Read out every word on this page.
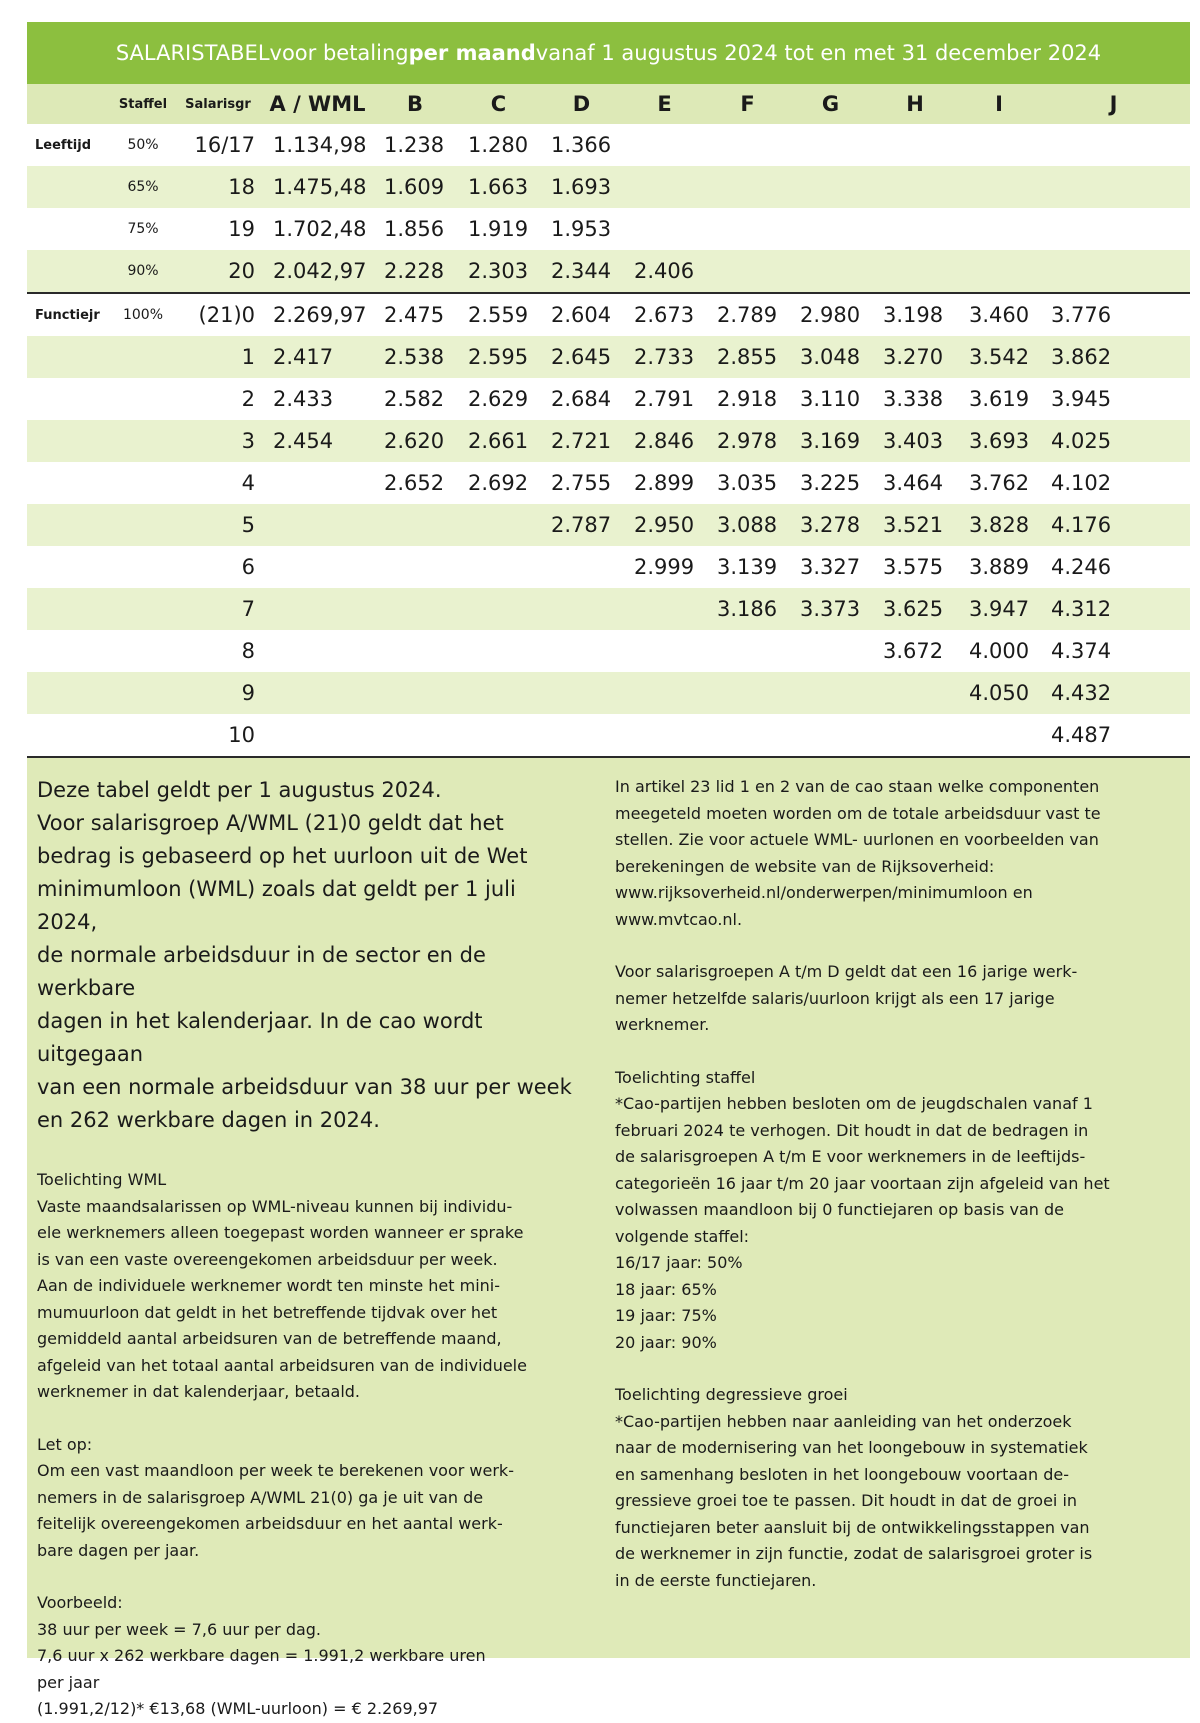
SALARISTABEL voor betaling per maand vanaf 1 augustus 2024 tot en met 31 december 2024
	Staffel	Salarisgr	A / WML	B	C	D	E	F	G	H	I	J
Leeftijd	50%	16/17	1.134,98	1.238	1.280	1.366						
	65%	18	1.475,48	1.609	1.663	1.693						
	75%	19	1.702,48	1.856	1.919	1.953						
	90%	20	2.042,97	2.228	2.303	2.344	2.406					
Functiejr	100%	(21)0	2.269,97	2.475	2.559	2.604	2.673	2.789	2.980	3.198	3.460	3.776
		1	2.417	2.538	2.595	2.645	2.733	2.855	3.048	3.270	3.542	3.862
		2	2.433	2.582	2.629	2.684	2.791	2.918	3.110	3.338	3.619	3.945
		3	2.454	2.620	2.661	2.721	2.846	2.978	3.169	3.403	3.693	4.025
		4		2.652	2.692	2.755	2.899	3.035	3.225	3.464	3.762	4.102
		5				2.787	2.950	3.088	3.278	3.521	3.828	4.176
		6					2.999	3.139	3.327	3.575	3.889	4.246
		7						3.186	3.373	3.625	3.947	4.312
		8								3.672	4.000	4.374
		9									4.050	4.432
		10										4.487
Deze tabel geldt per 1 augustus 2024.
Voor salarisgroep A/WML (21)0 geldt dat het
bedrag is gebaseerd op het uurloon uit de Wet
minimumloon (WML) zoals dat geldt per 1 juli 2024,
de normale arbeidsduur in de sector en de werkbare
dagen in het kalenderjaar. In de cao wordt uitgegaan
van een normale arbeidsduur van 38 uur per week
en 262 werkbare dagen in 2024.
Toelichting WML
Vaste maandsalarissen op WML-niveau kunnen bij individu-
ele werknemers alleen toegepast worden wanneer er sprake
is van een vaste overeengekomen arbeidsduur per week.
Aan de individuele werknemer wordt ten minste het mini-
mumuurloon dat geldt in het betreffende tijdvak over het
gemiddeld aantal arbeidsuren van de betreffende maand,
afgeleid van het totaal aantal arbeidsuren van de individuele
werknemer in dat kalenderjaar, betaald.
Let op:
Om een vast maandloon per week te berekenen voor werk-
nemers in de salarisgroep A/WML 21(0) ga je uit van de
feitelijk overeengekomen arbeidsduur en het aantal werk-
bare dagen per jaar.
Voorbeeld:
38 uur per week = 7,6 uur per dag.
7,6 uur x 262 werkbare dagen = 1.991,2 werkbare uren
per jaar
(1.991,2/12)* €13,68 (WML-uurloon) = € 2.269,97
In artikel 23 lid 1 en 2 van de cao staan welke componenten
meegeteld moeten worden om de totale arbeidsduur vast te
stellen. Zie voor actuele WML- uurlonen en voorbeelden van
berekeningen de website van de Rijksoverheid:
www.rijksoverheid.nl/onderwerpen/minimumloon en
www.mvtcao.nl.
Voor salarisgroepen A t/m D geldt dat een 16 jarige werk-
nemer hetzelfde salaris/uurloon krijgt als een 17 jarige
werknemer.
Toelichting staffel
*Cao-partijen hebben besloten om de jeugdschalen vanaf 1
februari 2024 te verhogen. Dit houdt in dat de bedragen in
de salarisgroepen A t/m E voor werknemers in de leeftijds-
categorieën 16 jaar t/m 20 jaar voortaan zijn afgeleid van het
volwassen maandloon bij 0 functiejaren op basis van de
volgende staffel:
16/17 jaar: 50%
18 jaar: 65%
19 jaar: 75%
20 jaar: 90%
Toelichting degressieve groei
*Cao-partijen hebben naar aanleiding van het onderzoek
naar de modernisering van het loongebouw in systematiek
en samenhang besloten in het loongebouw voortaan de-
gressieve groei toe te passen. Dit houdt in dat de groei in
functiejaren beter aansluit bij de ontwikkelingsstappen van
de werknemer in zijn functie, zodat de salarisgroei groter is
in de eerste functiejaren.
